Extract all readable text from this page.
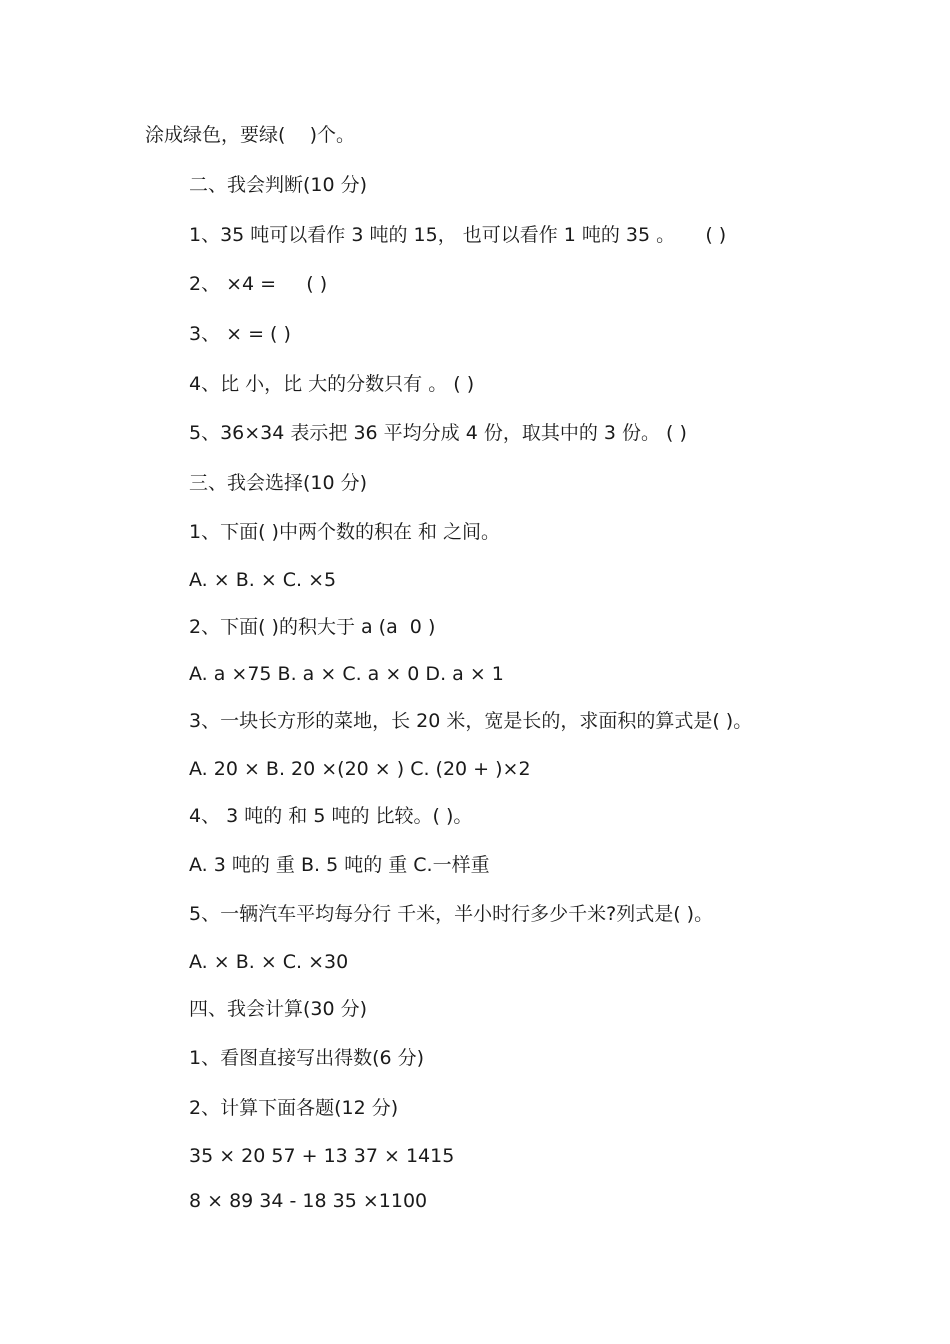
涂成绿色，要绿(    )个。
二、我会判断(10 分)
1、35 吨可以看作 3 吨的 15， 也可以看作 1 吨的 35 。     ( )
2、 ×4 =     ( )
3、 × = ( )
4、比 小，比 大的分数只有 。 ( )
5、36×34 表示把 36 平均分成 4 份，取其中的 3 份。 ( )
三、我会选择(10 分)
1、下面( )中两个数的积在 和 之间。
A. × B. × C. ×5
2、下面( )的积大于 a (a  0 )
A. a ×75 B. a × C. a × 0 D. a × 1
3、一块长方形的菜地，长 20 米，宽是长的，求面积的算式是( )。
A. 20 × B. 20 ×(20 × ) C. (20 + )×2
4、 3 吨的 和 5 吨的 比较。( )。
A. 3 吨的 重 B. 5 吨的 重 C.一样重
5、一辆汽车平均每分行 千米，半小时行多少千米?列式是( )。
A. × B. × C. ×30
四、我会计算(30 分)
1、看图直接写出得数(6 分)
2、计算下面各题(12 分)
35 × 20 57 + 13 37 × 1415
8 × 89 34 - 18 35 ×1100
